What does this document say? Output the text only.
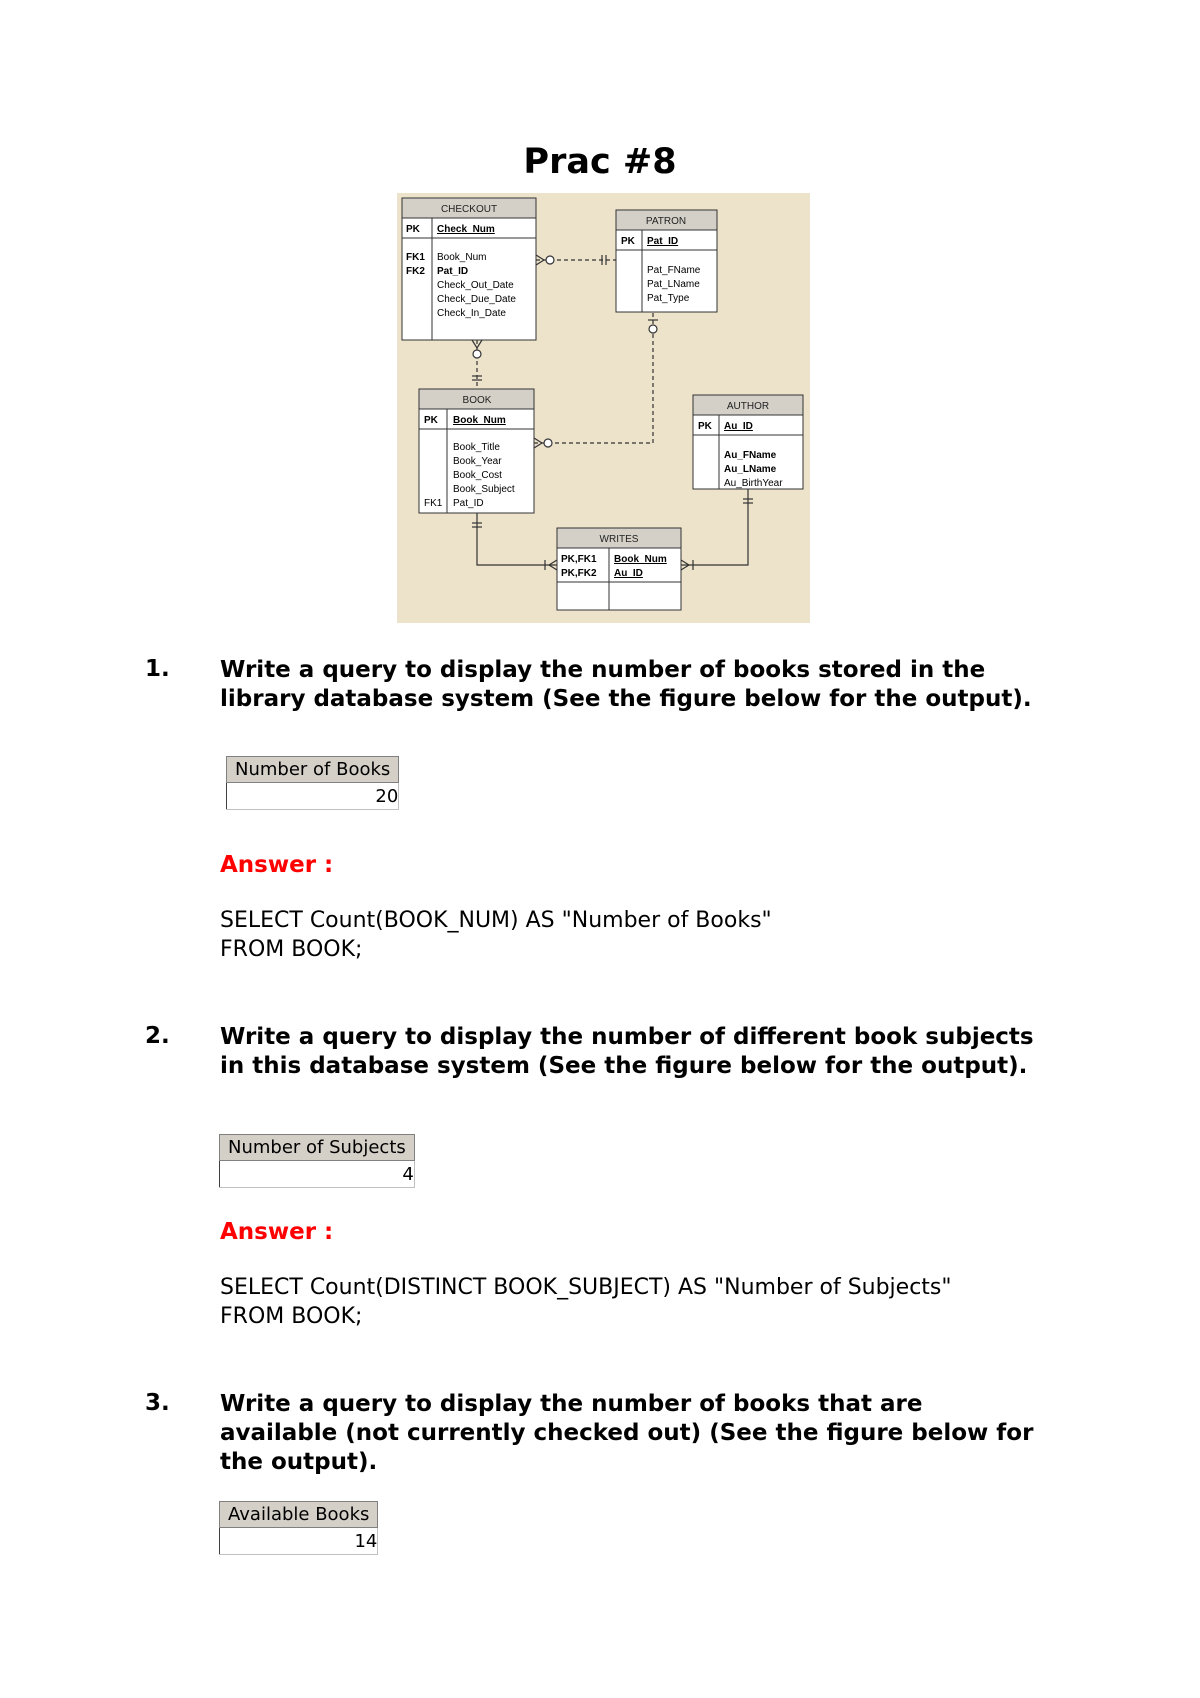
Prac #8
CHECKOUT
PK Check_Num
FK1
FK2
Book_Num
Pat_ID
Check_Out_Date
Check_Due_Date
Check_In_Date
PATRON
PK Pat_ID
Pat_FName
Pat_LName
Pat_Type
BOOK
PK Book_Num
Book_Title
Book_Year
Book_Cost
Book_Subject
FK1 Pat_ID
AUTHOR
PK Au_ID
Au_FName
Au_LName
Au_BirthYear
WRITES
PK,FK1
PK,FK2
Book_Num
Au_ID
1. Write a query to display the number of books stored in the library database system (See the figure below for the output).
Number of Books
20
Answer :
SELECT Count(BOOK_NUM) AS "Number of Books"
FROM BOOK;
2. Write a query to display the number of different book subjects in this database system (See the figure below for the output).
Number of Subjects
4
Answer :
SELECT Count(DISTINCT BOOK_SUBJECT) AS "Number of Subjects"
FROM BOOK;
3. Write a query to display the number of books that are available (not currently checked out) (See the figure below for the output).
Available Books
14
